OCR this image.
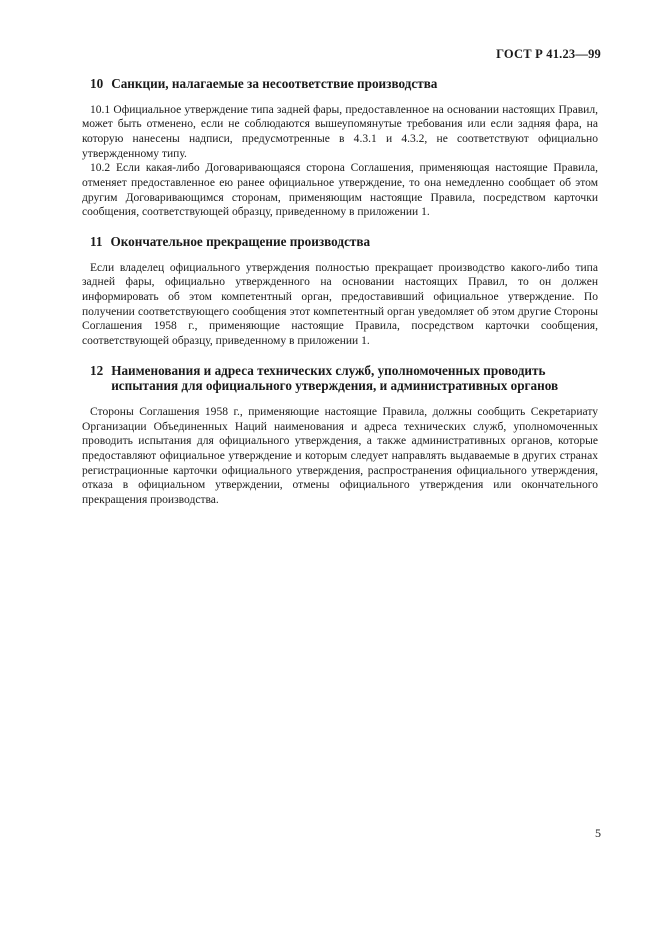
ГОСТ Р 41.23—99
10 Санкции, налагаемые за несоответствие производства

10.1 Официальное утверждение типа задней фары, предоставленное на основании настоящих Правил, может быть отменено, если не соблюдаются вышеупомянутые требования или если задняя фара, на которую нанесены надписи, предусмотренные в 4.3.1 и 4.3.2, не соответствуют официально утвержденному типу.

10.2 Если какая-либо Договаривающаяся сторона Соглашения, применяющая настоящие Правила, отменяет предоставленное ею ранее официальное утверждение, то она немедленно сообщает об этом другим Договаривающимся сторонам, применяющим настоящие Правила, посредством карточки сообщения, соответствующей образцу, приведенному в приложении 1.

11 Окончательное прекращение производства

Если владелец официального утверждения полностью прекращает производство какого-либо типа задней фары, официально утвержденного на основании настоящих Правил, то он должен информировать об этом компетентный орган, предоставивший официальное утверждение. По получении соответствующего сообщения этот компетентный орган уведомляет об этом другие Стороны Соглашения 1958 г., применяющие настоящие Правила, посредством карточки сообщения, соответствующей образцу, приведенному в приложении 1.

12 Наименования и адреса технических служб, уполномоченных проводить испытания для официального утверждения, и административных органов

Стороны Соглашения 1958 г., применяющие настоящие Правила, должны сообщить Секретариату Организации Объединенных Наций наименования и адреса технических служб, уполномоченных проводить испытания для официального утверждения, а также административных органов, которые предоставляют официальное утверждение и которым следует направлять выдаваемые в других странах регистрационные карточки официального утверждения, распространения официального утверждения, отказа в официальном утверждении, отмены официального утверждения или окончательного прекращения производства.

5
